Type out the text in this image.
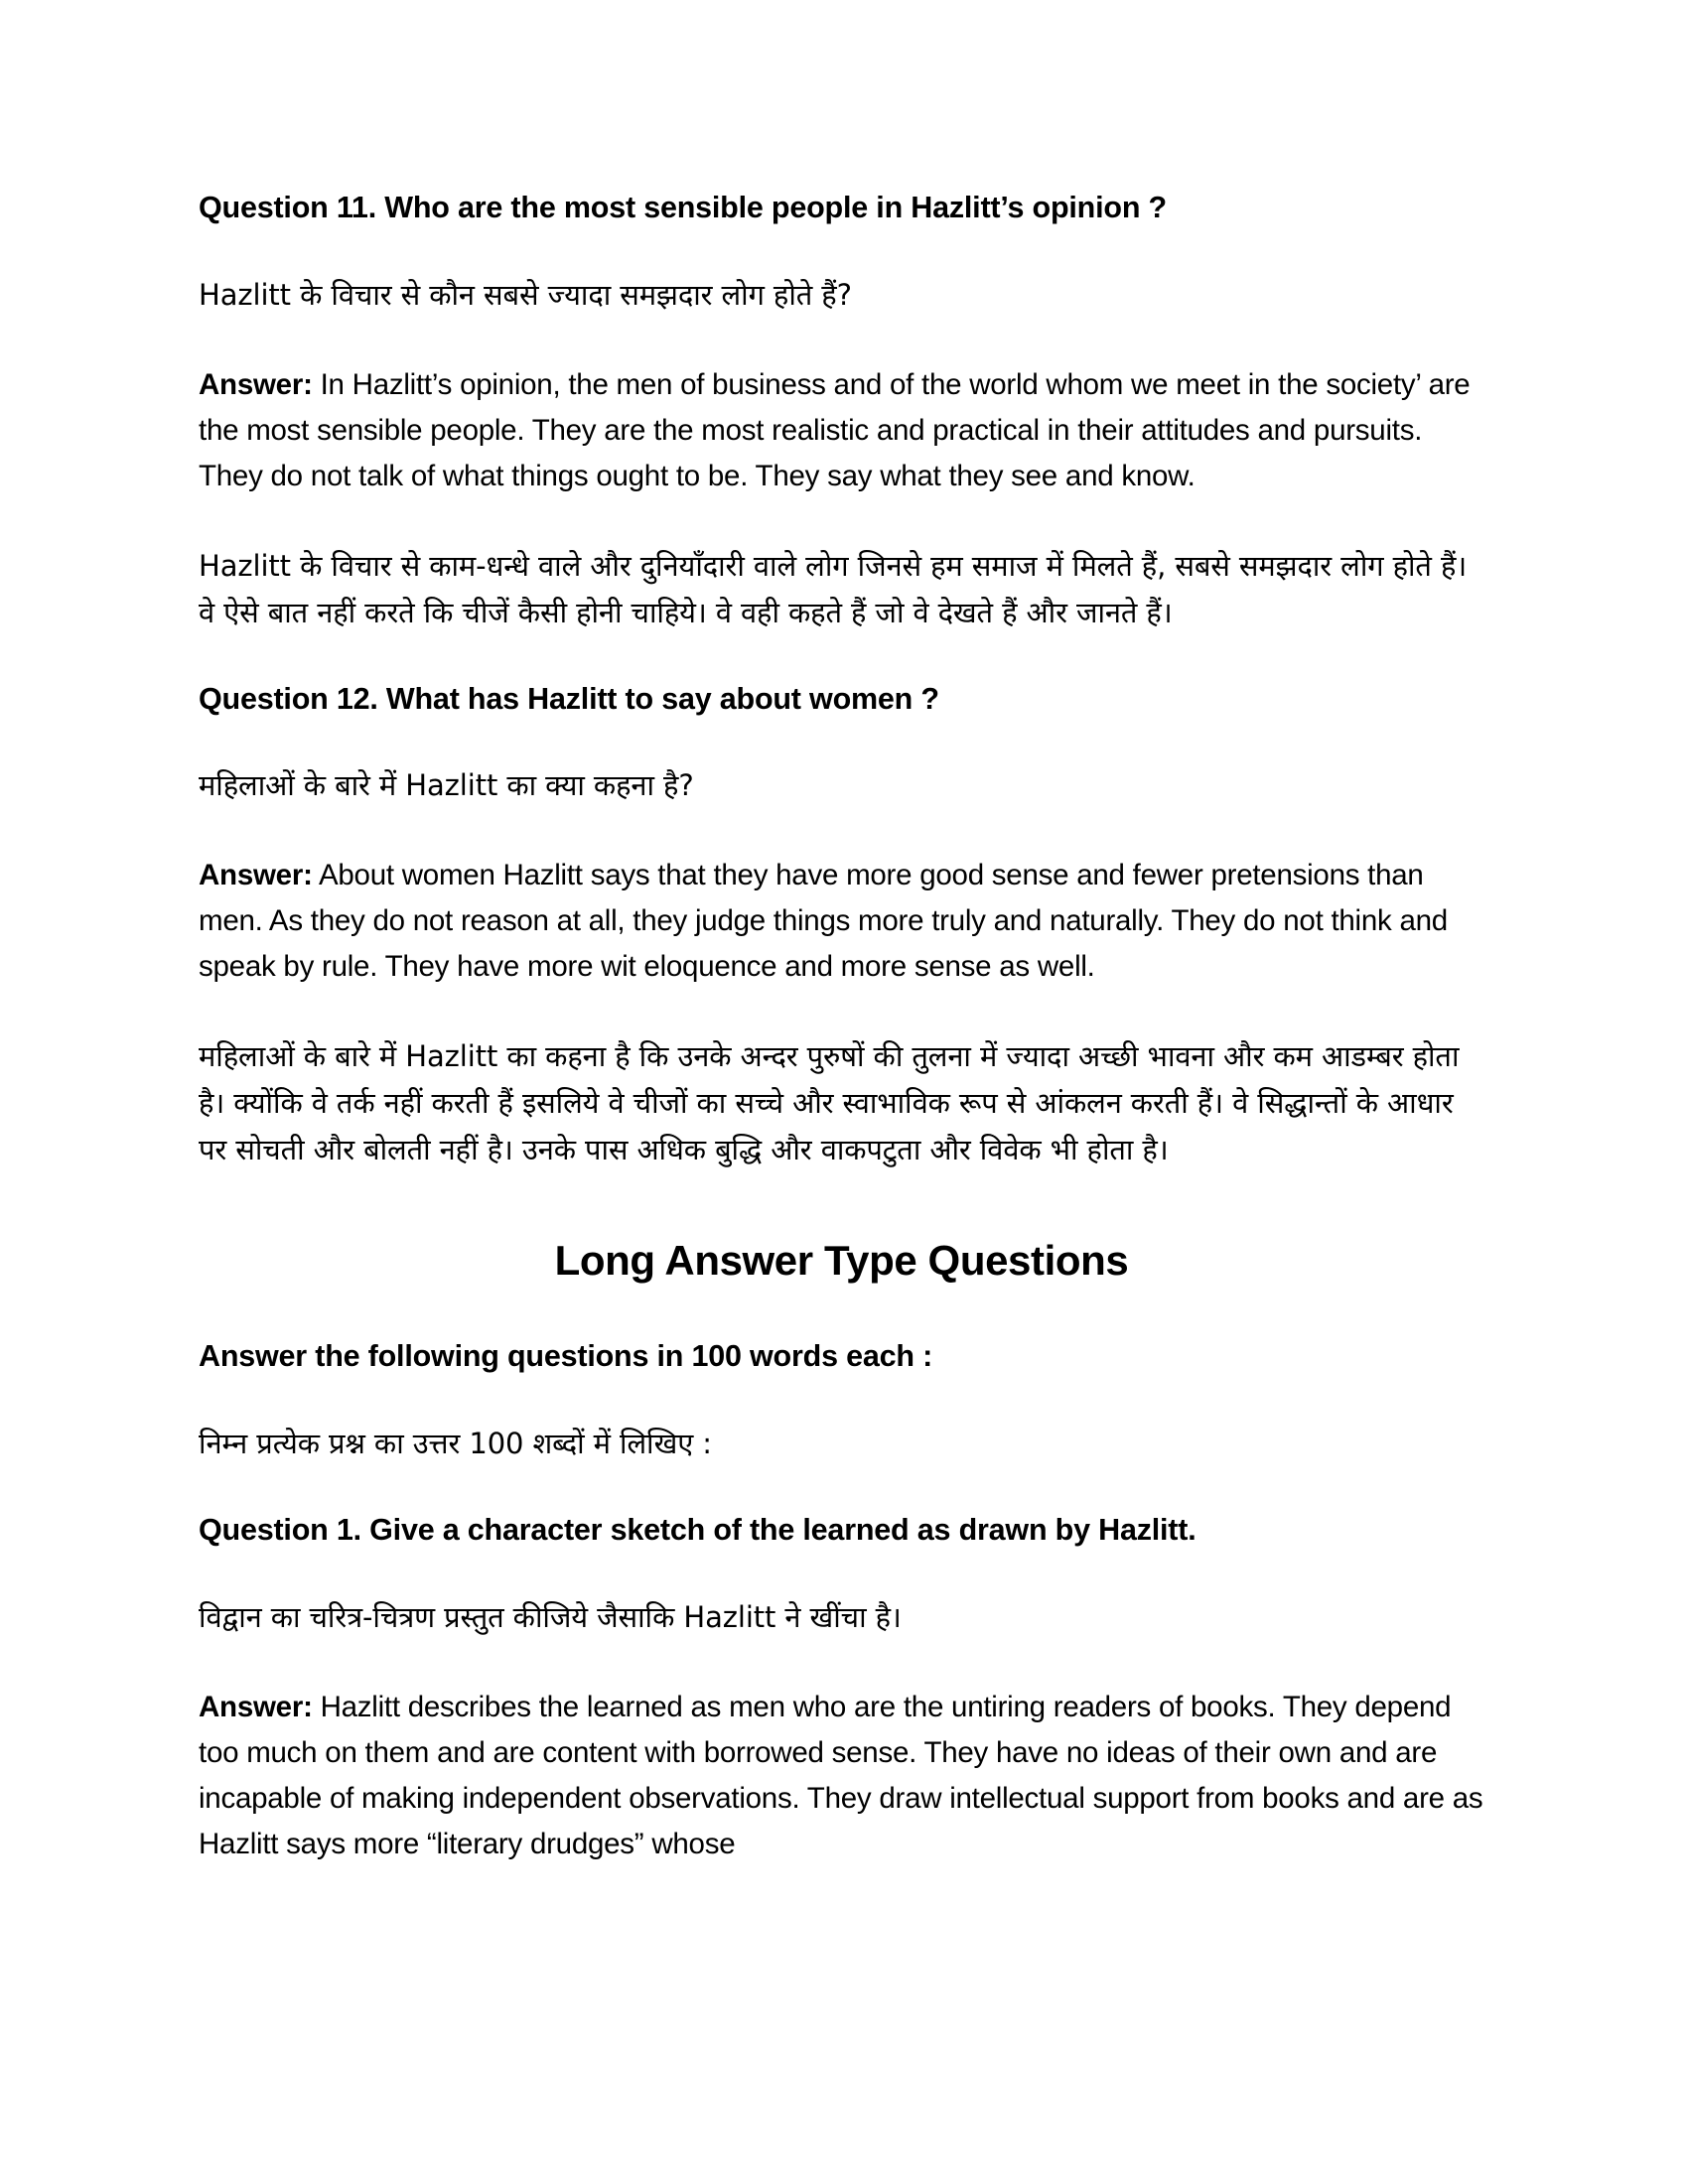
Question 11. Who are the most sensible people in Hazlitt’s opinion ?
Hazlitt के विचार से कौन सबसे ज्यादा समझदार लोग होते हैं?
Answer: In Hazlitt’s opinion, the men of business and of the world whom we meet in the society’ are the most sensible people. They are the most realistic and practical in their attitudes and pursuits. They do not talk of what things ought to be. They say what they see and know.
Hazlitt के विचार से काम-धन्धे वाले और दुनियाँदारी वाले लोग जिनसे हम समाज में मिलते हैं, सबसे समझदार लोग होते हैं। वे ऐसे बात नहीं करते कि चीजें कैसी होनी चाहिये। वे वही कहते हैं जो वे देखते हैं और जानते हैं।
Question 12. What has Hazlitt to say about women ?
महिलाओं के बारे में Hazlitt का क्या कहना है?
Answer: About women Hazlitt says that they have more good sense and fewer pretensions than men. As they do not reason at all, they judge things more truly and naturally. They do not think and speak by rule. They have more wit eloquence and more sense as well.
महिलाओं के बारे में Hazlitt का कहना है कि उनके अन्दर पुरुषों की तुलना में ज्यादा अच्छी भावना और कम आडम्बर होता है। क्योंकि वे तर्क नहीं करती हैं इसलिये वे चीजों का सच्चे और स्वाभाविक रूप से आंकलन करती हैं। वे सिद्धान्तों के आधार पर सोचती और बोलती नहीं है। उनके पास अधिक बुद्धि और वाकपटुता और विवेक भी होता है।
Long Answer Type Questions
Answer the following questions in 100 words each :
निम्न प्रत्येक प्रश्न का उत्तर 100 शब्दों में लिखिए :
Question 1. Give a character sketch of the learned as drawn by Hazlitt.
विद्वान का चरित्र-चित्रण प्रस्तुत कीजिये जैसाकि Hazlitt ने खींचा है।
Answer: Hazlitt describes the learned as men who are the untiring readers of books. They depend too much on them and are content with borrowed sense. They have no ideas of their own and are incapable of making independent observations. They draw intellectual support from books and are as Hazlitt says more “literary drudges” whose
